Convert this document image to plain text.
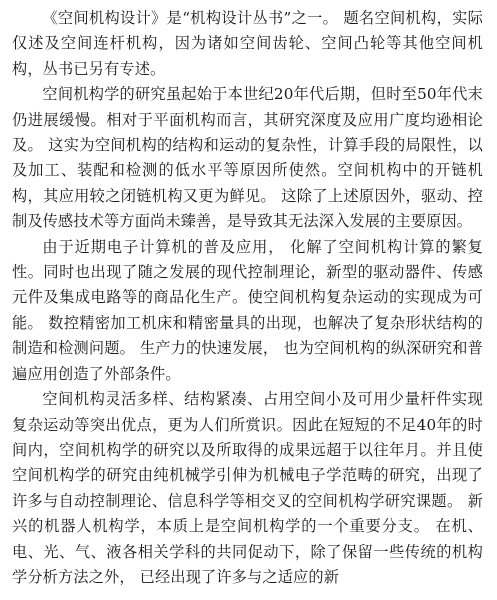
《空间机构设计》是“机构设计丛书”之一。 题名空间机构，实际仅述及空间连杆机构，因为诸如空间齿轮、空间凸轮等其他空间机构，丛书已另有专述。

空间机构学的研究虽起始于本世纪20年代后期，但时至50年代末仍进展缓慢。相对于平面机构而言，其研究深度及应用广度均逊相论及。 这实为空间机构的结构和运动的复杂性，计算手段的局限性，以及加工、装配和检测的低水平等原因所使然。空间机构中的开链机构，其应用较之闭链机构又更为鲜见。 这除了上述原因外，驱动、控制及传感技术等方面尚未臻善，是导致其无法深入发展的主要原因。

由于近期电子计算机的普及应用， 化解了空间机构计算的繁复性。同时也出现了随之发展的现代控制理论，新型的驱动器件、传感元件及集成电路等的商品化生产。使空间机构复杂运动的实现成为可能。 数控精密加工机床和精密量具的出现，也解决了复杂形状结构的制造和检测问题。 生产力的快速发展， 也为空间机构的纵深研究和普遍应用创造了外部条件。

空间机构灵活多样、结构紧凑、占用空间小及可用少量杆件实现复杂运动等突出优点，更为人们所赏识。因此在短短的不足40年的时间内，空间机构学的研究以及所取得的成果远超于以往年月。并且使空间机构学的研究由纯机械学引伸为机械电子学范畴的研究，出现了许多与自动控制理论、信息科学等相交叉的空间机构学研究课题。 新兴的机器人机构学，本质上是空间机构学的一个重要分支。 在机、电、光、气、液各相关学科的共同促动下，除了保留一些传统的机构学分析方法之外， 已经出现了许多与之适应的新
